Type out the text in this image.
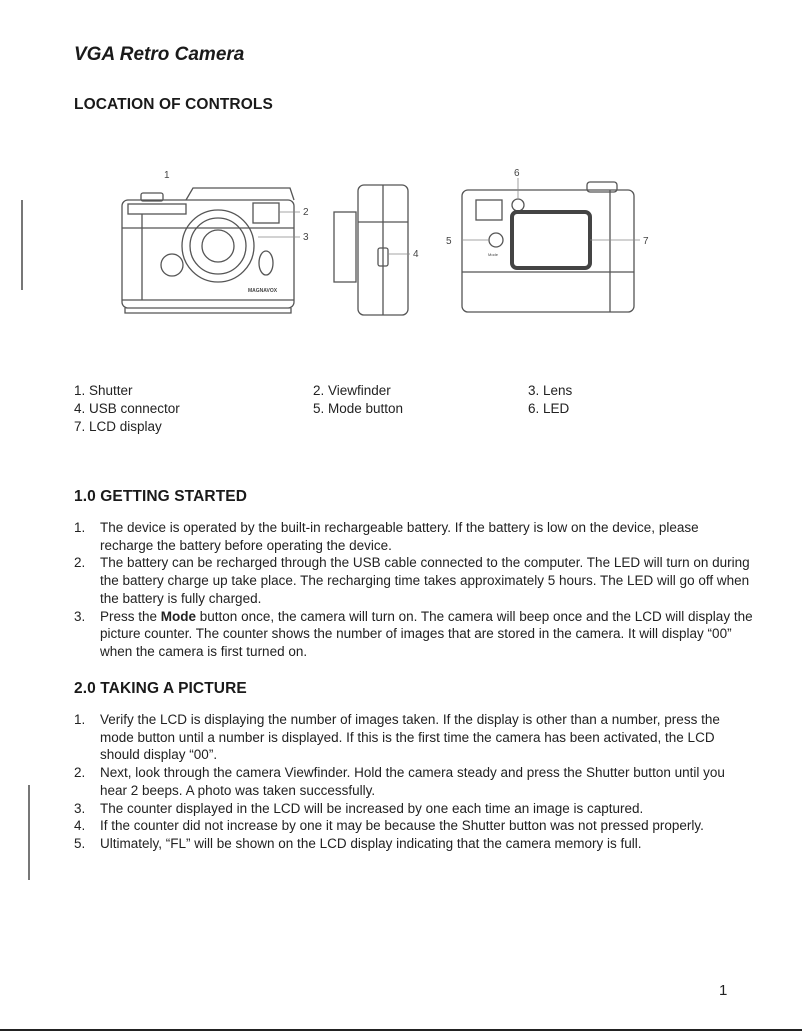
VGA Retro Camera
LOCATION OF CONTROLS
1
2
3
4
5
6
7
MAGNAVOX
Mode
1. Shutter	2. Viewfinder	3. Lens
4. USB connector	5. Mode button	6. LED
7. LCD display
1.0 GETTING STARTED
1.	The device is operated by the built-in rechargeable battery. If the battery is low on the device, please recharge the battery before operating the device.
2.	The battery can be recharged through the USB cable connected to the computer. The LED will turn on during the battery charge up take place. The recharging time takes approximately 5 hours. The LED will go off when the battery is fully charged.
3.	Press the Mode button once, the camera will turn on. The camera will beep once and the LCD will display the picture counter. The counter shows the number of images that are stored in the camera. It will display “00” when the camera is first turned on.
2.0 TAKING A PICTURE
1.	Verify the LCD is displaying the number of images taken. If the display is other than a number, press the mode button until a number is displayed. If this is the first time the camera has been activated, the LCD should display “00”.
2.	Next, look through the camera Viewfinder. Hold the camera steady and press the Shutter button until you hear 2 beeps. A photo was taken successfully.
3.	The counter displayed in the LCD will be increased by one each time an image is captured.
4.	If the counter did not increase by one it may be because the Shutter button was not pressed properly.
5.	Ultimately, “FL” will be shown on the LCD display indicating that the camera memory is full.
1
